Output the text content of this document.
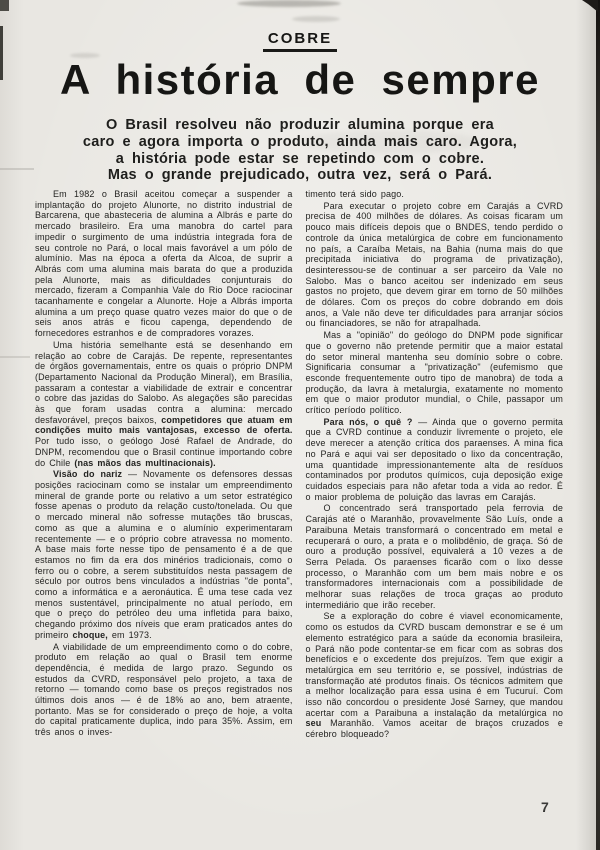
COBRE
A história de sempre
O Brasil resolveu não produzir alumina porque era
caro e agora importa o produto, ainda mais caro. Agora,
a história pode estar se repetindo com o cobre.
Mas o grande prejudicado, outra vez, será o Pará.

Em 1982 o Brasil aceitou começar a suspender a implantação do projeto Alunorte, no distrito industrial de Barcarena, que abasteceria de alumina a Albrás e parte do mercado brasileiro. Era uma manobra do cartel para impedir o surgimento de uma indústria integrada fora de seu controle no Pará, o local mais favorável a um pólo de alumínio. Mas na época a oferta da Alcoa, de suprir a Albrás com uma alumina mais barata do que a produzida pela Alunorte, mais as dificuldades conjunturais do mercado, fizeram a Companhia Vale do Rio Doce raciocinar tacanhamente e congelar a Alunorte. Hoje a Albrás importa alumina a um preço quase quatro vezes maior do que o de seis anos atrás e ficou capenga, dependendo de fornecedores estranhos e de compradores vorazes.

Uma história semelhante está se desenhando em relação ao cobre de Carajás. De repente, representantes de órgãos governamentais, entre os quais o próprio DNPM (Departamento Nacional da Produção Mineral), em Brasília, passaram a contestar a viabilidade de extrair e concentrar o cobre das jazidas do Salobo. As alegações são parecidas às que foram usadas contra a alumina: mercado desfavorável, preços baixos, competidores que atuam em condições muito mais vantajosas, excesso de oferta. Por tudo isso, o geólogo José Rafael de Andrade, do DNPM, recomendou que o Brasil continue importando cobre do Chile (nas mãos das multinacionais).

Visão do nariz — Novamente os defensores dessas posições raciocinam como se instalar um empreendimento mineral de grande porte ou relativo a um setor estratégico fosse apenas o produto da relação custo/tonelada. Ou que o mercado mineral não sofresse mutações tão bruscas, como as que a alumina e o alumínio experimentaram recentemente — e o próprio cobre atravessa no momento. A base mais forte nesse tipo de pensamento é a de que estamos no fim da era dos minérios tradicionais, como o ferro ou o cobre, a serem substituídos nesta passagem de século por outros bens vinculados a indústrias "de ponta", como a informática e a aeronáutica. É uma tese cada vez menos sustentável, principalmente no atual período, em que o preço do petróleo deu uma infletida para baixo, chegando próximo dos níveis que eram praticados antes do primeiro choque, em 1973.

A viabilidade de um empreendimento como o do cobre, produto em relação ao qual o Brasil tem enorme dependência, é medida de largo prazo. Segundo os estudos da CVRD, responsável pelo projeto, a taxa de retorno — tomando como base os preços registrados nos últimos dois anos — é de 18% ao ano, bem atraente, portanto. Mas se for considerado o preço de hoje, a volta do capital praticamente duplica, indo para 35%. Assim, em três anos o inves-

timento terá sido pago.

Para executar o projeto cobre em Carajás a CVRD precisa de 400 milhões de dólares. As coisas ficaram um pouco mais difíceis depois que o BNDES, tendo perdido o controle da única metalúrgica de cobre em funcionamento no país, a Caraíba Metais, na Bahia (numa mais do que precipitada iniciativa do programa de privatização), desinteressou-se de continuar a ser parceiro da Vale no Salobo. Mas o banco aceitou ser indenizado em seus gastos no projeto, que devem girar em torno de 50 milhões de dólares. Com os preços do cobre dobrando em dois anos, a Vale não deve ter dificuldades para arranjar sócios ou financiadores, se não for atrapalhada.

Mas a "opinião" do geólogo do DNPM pode significar que o governo não pretende permitir que a maior estatal do setor mineral mantenha seu domínio sobre o cobre. Significaria consumar a "privatização" (eufemismo que esconde frequentemente outro tipo de manobra) de toda a produção, da lavra à metalurgia, exatamente no momento em que o maior produtor mundial, o Chile, passapor um crítico período político.

Para nós, o quê ? — Ainda que o governo permita que a CVRD continue a conduzir livremente o projeto, ele deve merecer a atenção crítica dos paraenses. A mina fica no Pará e aqui vai ser depositado o lixo da concentração, uma quantidade impressionantemente alta de resíduos contaminados por produtos químicos, cuja deposição exige cuidados especiais para não afetar toda a vida ao redor. É o maior problema de poluição das lavras em Carajás.

O concentrado será transportado pela ferrovia de Carajás até o Maranhão, provavelmente São Luís, onde a Paraibuna Metais transformará o concentrado em metal e recuperará o ouro, a prata e o molibdênio, de graça. Só de ouro a produção possível, equivalerá a 10 vezes a de Serra Pelada. Os paraenses ficarão com o lixo desse processo, o Maranhão com um bem mais nobre e os transformadores internacionais com a possibilidade de melhorar suas relações de troca graças ao produto intermediário que irão receber.

Se a exploração do cobre é viavel economicamente, como os estudos da CVRD buscam demonstrar e se é um elemento estratégico para a saúde da economia brasileira, o Pará não pode contentar-se em ficar com as sobras dos benefícios e o excedente dos prejuízos. Tem que exigir a metalúrgica em seu território e, se possível, indústrias de transformação até produtos finais. Os técnicos admitem que a melhor localização para essa usina é em Tucuruí. Com isso não concordou o presidente José Sarney, que mandou acertar com a Paraibuna a instalação da metalúrgica no seu Maranhão. Vamos aceitar de braços cruzados e cérebro bloqueado?

7
